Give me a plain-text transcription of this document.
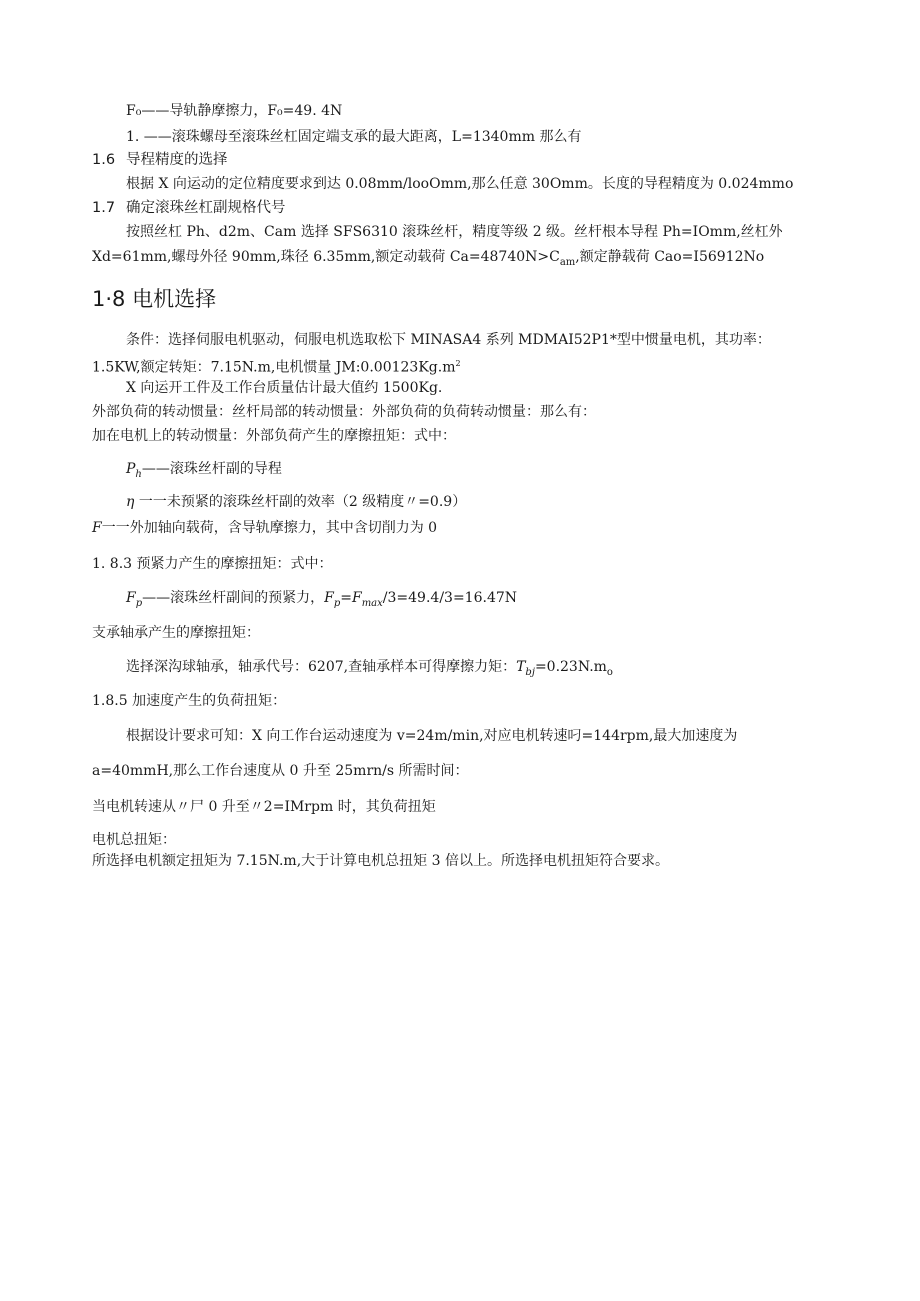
F₀——导轨静摩擦力，F₀=49. 4N
1. ——滚珠螺母至滚珠丝杠固定端支承的最大距离，L=1340mm 那么有
1.6 导程精度的选择
根据 X 向运动的定位精度要求到达 0.08mm/looOmm,那么任意 30Omm。长度的导程精度为 0.024mmo
1.7 确定滚珠丝杠副规格代号
按照丝杠 Ph、d2m、Cam 选择 SFS6310 滚珠丝杆，精度等级 2 级。丝杆根本导程 Ph=IOmm,丝杠外
Xd=61mm,螺母外径 90mm,珠径 6.35mm,额定动载荷 $Ca=48740N>C_{am}$,额定静载荷 Cao=I56912No
1·8 电机选择
条件：选择伺服电机驱动，伺服电机选取松下 MINASA4 系列 MDMAI52P1*型中惯量电机，其功率：
1.5KW,额定转矩：7.15N.m,电机惯量 $JM:0.00123Kg.m^2$
X 向运开工件及工作台质量估计最大值约 1500Kg.
外部负荷的转动惯量：丝杆局部的转动惯量：外部负荷的负荷转动惯量：那么有：
加在电机上的转动惯量：外部负荷产生的摩擦扭矩：式中：
$P_h——$滚珠丝杆副的导程
η 一一未预紧的滚珠丝杆副的效率（2 级精度〃=0.9）
F一一外加轴向载荷，含导轨摩擦力，其中含切削力为 0
1. 8.3 预紧力产生的摩擦扭矩：式中：
$F_p——$滚珠丝杆副间的预紧力，$F_p=F_{max}/3=49.4/3=16.47N$
支承轴承产生的摩擦扭矩：
选择深沟球轴承，轴承代号：6207,查轴承样本可得摩擦力矩：$T_{bj}=0.23N.m_o$
1.8.5 加速度产生的负荷扭矩：
根据设计要求可知：X 向工作台运动速度为 v=24m/min,对应电机转速叼=144rpm,最大加速度为
a=40mmH,那么工作台速度从 0 升至 25mrn/s 所需时间：
当电机转速从〃尸 0 升至〃2=IMrpm 时，其负荷扭矩
电机总扭矩：
所选择电机额定扭矩为 7.15N.m,大于计算电机总扭矩 3 倍以上。所选择电机扭矩符合要求。
